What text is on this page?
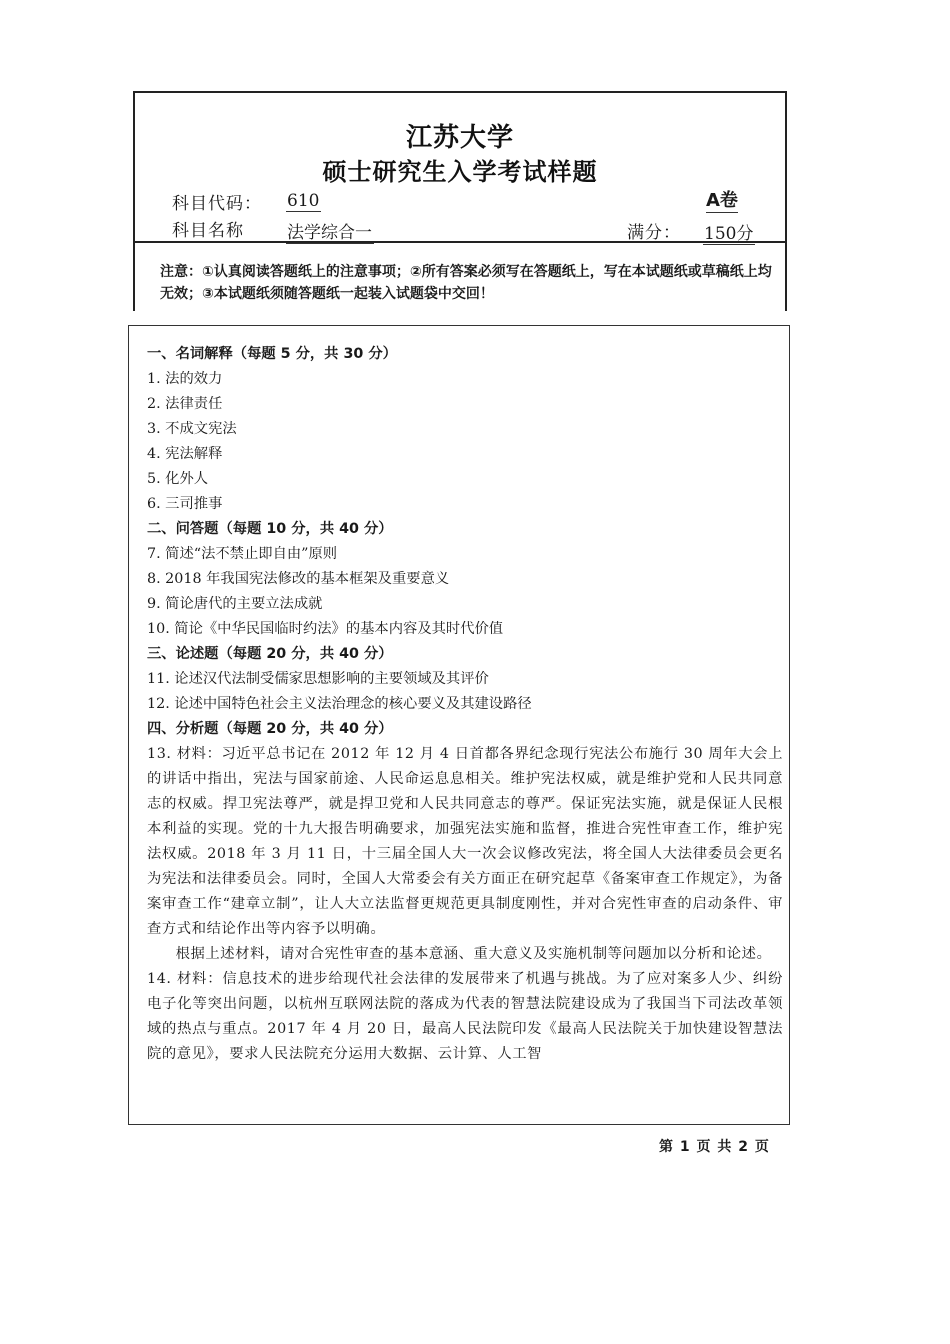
江苏大学
硕士研究生入学考试样题
科目代码： 610	A卷
科目名称	法学综合一	满分： 150分
注意：①认真阅读答题纸上的注意事项；②所有答案必须写在答题纸上，写在本试题纸或草稿纸上均无效；③本试题纸须随答题纸一起装入试题袋中交回！
一、名词解释（每题 5 分，共 30 分）
1. 法的效力
2. 法律责任
3. 不成文宪法
4. 宪法解释
5. 化外人
6. 三司推事
二、问答题（每题 10 分，共 40 分）
7. 简述“法不禁止即自由”原则
8. 2018 年我国宪法修改的基本框架及重要意义
9. 简论唐代的主要立法成就
10. 简论《中华民国临时约法》的基本内容及其时代价值
三、论述题（每题 20 分，共 40 分）
11. 论述汉代法制受儒家思想影响的主要领域及其评价
12. 论述中国特色社会主义法治理念的核心要义及其建设路径
四、分析题（每题 20 分，共 40 分）
13. 材料：习近平总书记在 2012 年 12 月 4 日首都各界纪念现行宪法公布施行 30 周年大会上的讲话中指出，宪法与国家前途、人民命运息息相关。维护宪法权威，就是维护党和人民共同意志的权威。捍卫宪法尊严，就是捍卫党和人民共同意志的尊严。保证宪法实施，就是保证人民根本利益的实现。党的十九大报告明确要求，加强宪法实施和监督，推进合宪性审查工作，维护宪法权威。2018 年 3 月 11 日，十三届全国人大一次会议修改宪法，将全国人大法律委员会更名为宪法和法律委员会。同时，全国人大常委会有关方面正在研究起草《备案审查工作规定》，为备案审查工作“建章立制”，让人大立法监督更规范更具制度刚性，并对合宪性审查的启动条件、审查方式和结论作出等内容予以明确。
根据上述材料，请对合宪性审查的基本意涵、重大意义及实施机制等问题加以分析和论述。
14. 材料：信息技术的进步给现代社会法律的发展带来了机遇与挑战。为了应对案多人少、纠纷电子化等突出问题，以杭州互联网法院的落成为代表的智慧法院建设成为了我国当下司法改革领域的热点与重点。2017 年 4 月 20 日，最高人民法院印发《最高人民法院关于加快建设智慧法院的意见》，要求人民法院充分运用大数据、云计算、人工智
第 1 页 共 2 页
